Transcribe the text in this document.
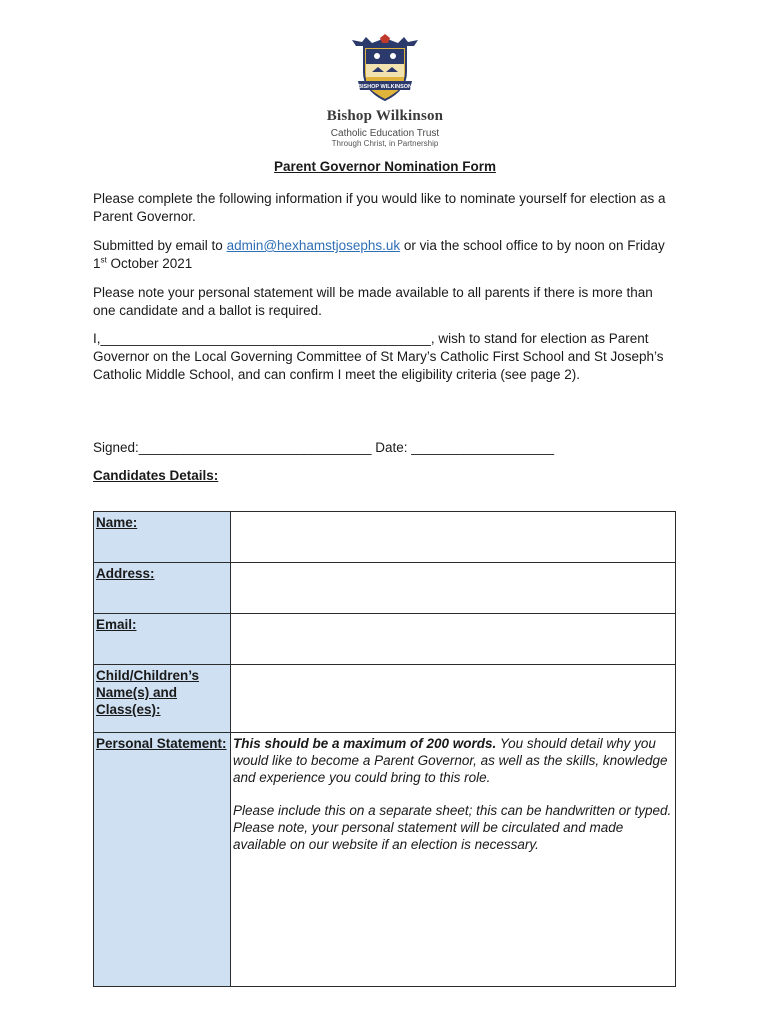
BISHOP WILKINSON
Bishop Wilkinson
Catholic Education Trust
Through Christ, in Partnership
Parent Governor Nomination Form

Please complete the following information if you would like to nominate yourself for election as a Parent Governor.

Submitted by email to admin@hexhamstjosephs.uk or via the school office to by noon on Friday 1st October 2021

Please note your personal statement will be made available to all parents if there is more than one candidate and a ballot is required.

I,____________________________________________, wish to stand for election as Parent Governor on the Local Governing Committee of St Mary’s Catholic First School and St Joseph’s Catholic Middle School, and can confirm I meet the eligibility criteria (see page 2).

Signed:_______________________________ Date: ___________________

Candidates Details:
Name:	
Address:	
Email:	
Child/Children’s Name(s) and Class(es):	
Personal Statement:	This should be a maximum of 200 words. You should detail why you would like to become a Parent Governor, as well as the skills, knowledge and experience you could bring to this role.

Please include this on a separate sheet; this can be handwritten or typed. Please note, your personal statement will be circulated and made available on our website if an election is necessary.
